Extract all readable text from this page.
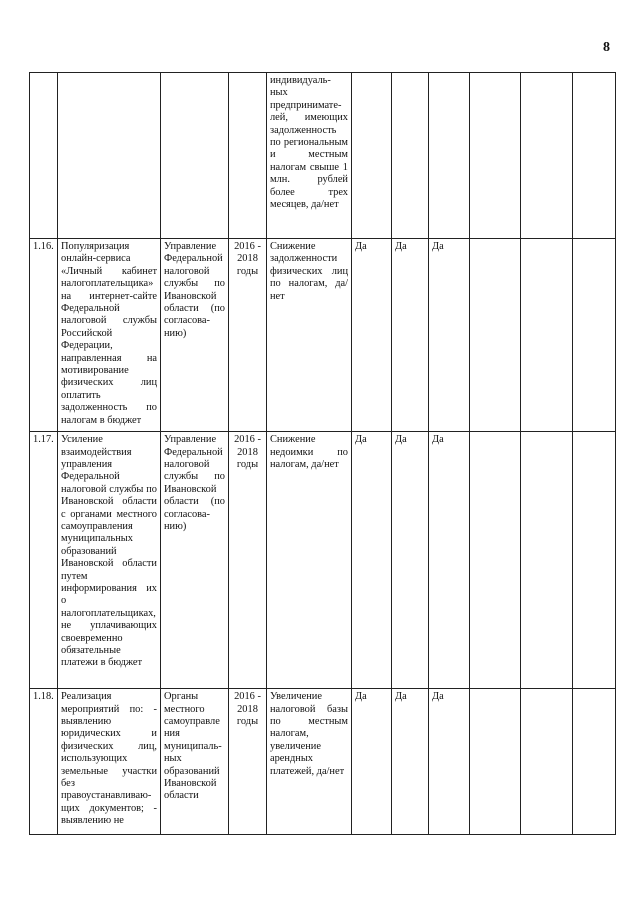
8
				индивидуаль-ных предпринимате-лей, имеющих задолженность по региональным и местным налогам свыше 1 млн. рублей более трех месяцев, да/нет						
1.16.	Популяризация онлайн-сервиса «Личный кабинет налогоплательщика» на интернет-сайте Федеральной налоговой службы Российской Федерации, направленная на мотивирование физических лиц оплатить задолженность по налогам в бюджет	Управление Федеральной налоговой службы по Ивановской области (по согласова-нию)	2016 - 2018 годы	Снижение задолженности физических лиц по налогам, да/нет	Да	Да	Да			
1.17.	Усиление взаимодействия управления Федеральной налоговой службы по Ивановской области с органами местного самоуправления муниципальных образований Ивановской области путем информирования их о налогоплательщиках, не уплачивающих своевременно обязательные платежи в бюджет	Управление Федеральной налоговой службы по Ивановской области (по согласова-нию)	2016 - 2018 годы	Снижение недоимки по налогам, да/нет	Да	Да	Да			
1.18.	Реализация мероприятий по: - выявлению юридических и физических лиц, использующих земельные участки без правоустанавливаю-щих документов; - выявлению не	Органы местного самоуправле ния муниципаль-ных образований Ивановской области	2016 - 2018 годы	Увеличение налоговой базы по местным налогам, увеличение арендных платежей, да/нет	Да	Да	Да			
